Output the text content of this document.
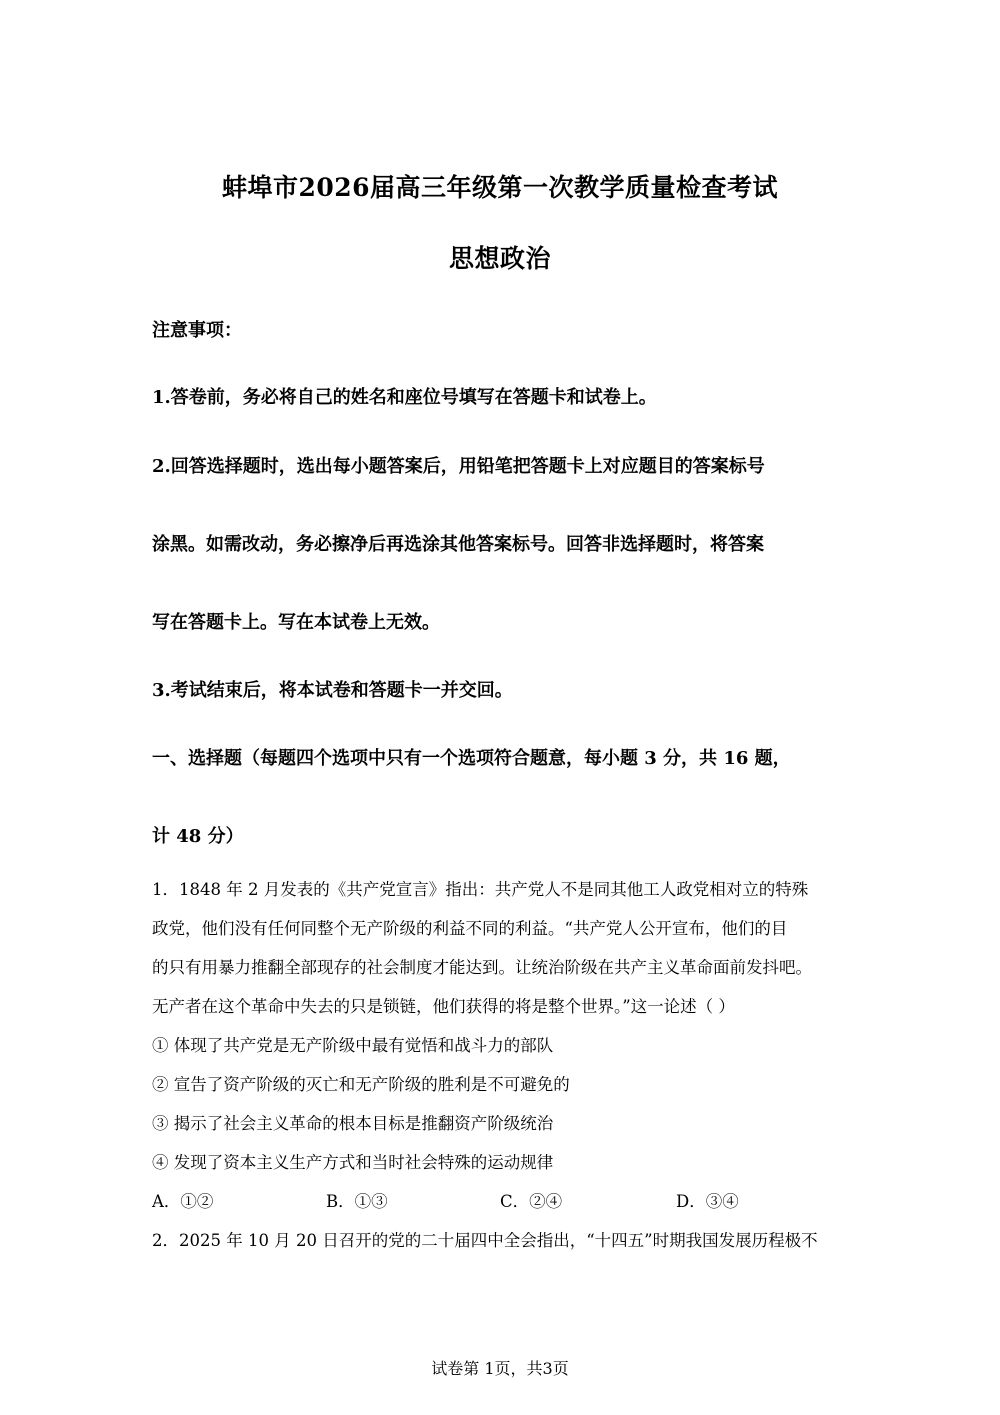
蚌埠市2026届高三年级第一次教学质量检查考试
思想政治
注意事项：
1.答卷前，务必将自己的姓名和座位号填写在答题卡和试卷上。
2.回答选择题时，选出每小题答案后，用铅笔把答题卡上对应题目的答案标号
涂黑。如需改动，务必擦净后再选涂其他答案标号。回答非选择题时，将答案
写在答题卡上。写在本试卷上无效。
3.考试结束后，将本试卷和答题卡一并交回。
一、选择题（每题四个选项中只有一个选项符合题意，每小题 3 分，共 16 题，
计 48 分）
1．1848 年 2 月发表的《共产党宣言》指出：共产党人不是同其他工人政党相对立的特殊
政党，他们没有任何同整个无产阶级的利益不同的利益。“共产党人公开宣布，他们的目
的只有用暴力推翻全部现存的社会制度才能达到。让统治阶级在共产主义革命面前发抖吧。
无产者在这个革命中失去的只是锁链，他们获得的将是整个世界。”这一论述（ ）
① 体现了共产党是无产阶级中最有觉悟和战斗力的部队
② 宣告了资产阶级的灭亡和无产阶级的胜利是不可避免的
③ 揭示了社会主义革命的根本目标是推翻资产阶级统治
④ 发现了资本主义生产方式和当时社会特殊的运动规律
A．①②	B．①③	C．②④	D．③④
2．2025 年 10 月 20 日召开的党的二十届四中全会指出，“十四五”时期我国发展历程极不
试卷第 1页，共3页
